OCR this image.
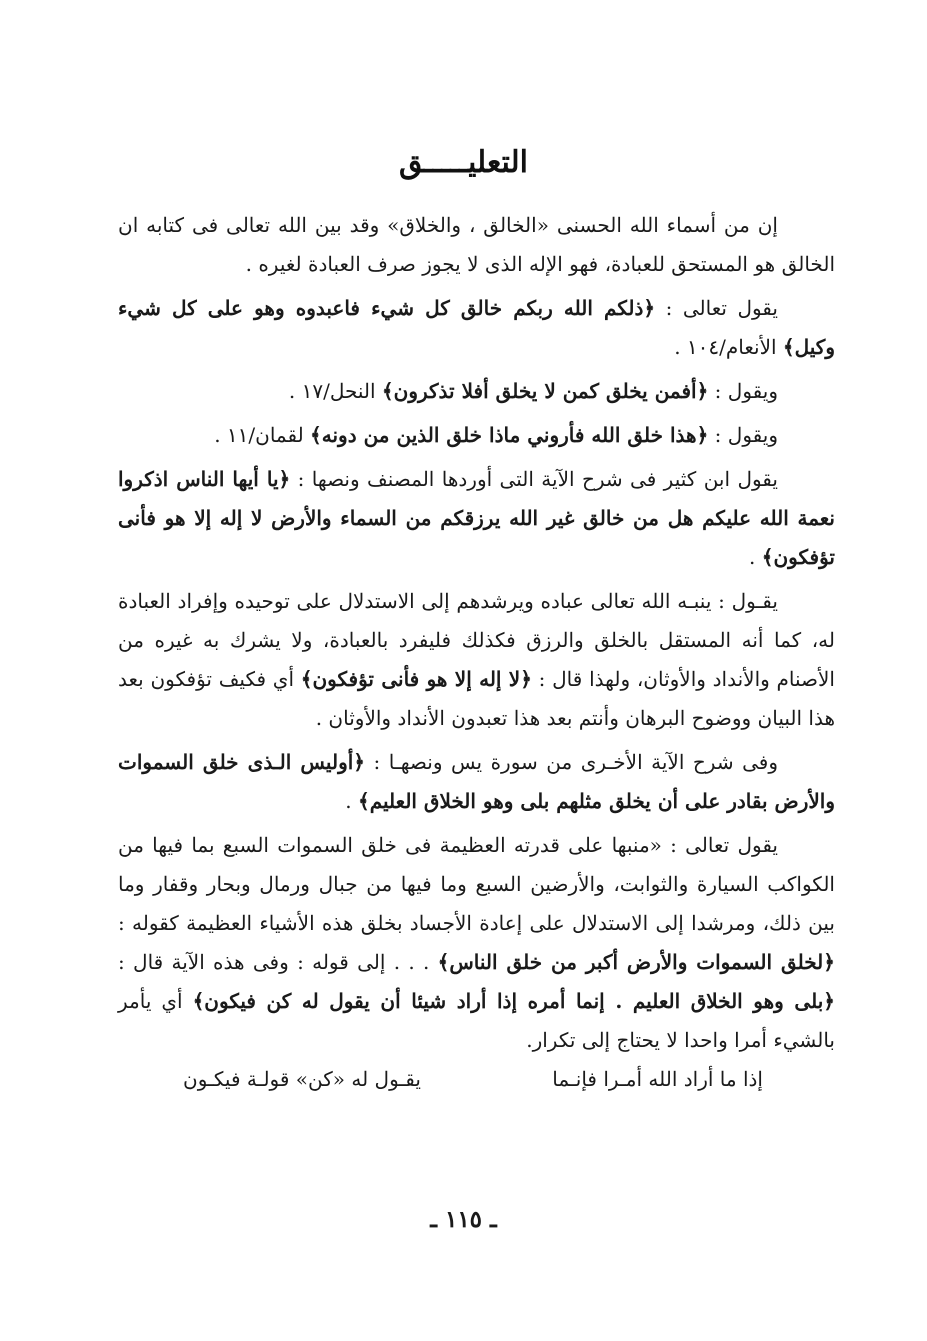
التعليـــــق

إن من أسماء الله الحسنى «الخالق ، والخلاق» وقد بين الله تعالى فى كتابه ان الخالق هو المستحق للعبادة، فهو الإله الذى لا يجوز صرف العبادة لغيره .

يقول تعالى : ﴿ذلكم الله ربكم خالق كل شيء فاعبدوه وهو على كل شيء وكيل﴾ الأنعام/١٠٤ .

ويقول : ﴿أفمن يخلق كمن لا يخلق أفلا تذكرون﴾ النحل/١٧ .

ويقول : ﴿هذا خلق الله فأروني ماذا خلق الذين من دونه﴾ لقمان/١١ .

يقول ابن كثير فى شرح الآية التى أوردها المصنف ونصها : ﴿يا أيها الناس اذكروا نعمة الله عليكم هل من خالق غير الله يرزقكم من السماء والأرض لا إله إلا هو فأنى تؤفكون﴾ .

يقـول : ينبـه الله تعالى عباده ويرشدهم إلى الاستدلال على توحيده وإفراد العبادة له، كما أنه المستقل بالخلق والرزق فكذلك فليفرد بالعبادة، ولا يشرك به غيره من الأصنام والأنداد والأوثان، ولهذا قال : ﴿لا إله إلا هو فأنى تؤفكون﴾ أي فكيف تؤفكون بعد هذا البيان ووضوح البرهان وأنتم بعد هذا تعبدون الأنداد والأوثان .

وفى شرح الآية الأخـرى من سورة يس ونصهـا : ﴿أوليس الـذى خلق السموات والأرض بقادر على أن يخلق مثلهم بلى وهو الخلاق العليم﴾ .

يقول تعالى : «منبها على قدرته العظيمة فى خلق السموات السبع بما فيها من الكواكب السيارة والثوابت، والأرضين السبع وما فيها من جبال ورمال وبحار وقفار وما بين ذلك، ومرشدا إلى الاستدلال على إعادة الأجساد بخلق هذه الأشياء العظيمة كقوله : ﴿لخلق السموات والأرض أكبر من خلق الناس﴾ . . . إلى قوله : وفى هذه الآية قال : ﴿بلى وهو الخلاق العليم . إنما أمره إذا أراد شيئا أن يقول له كن فيكون﴾ أي يأمر بالشيء أمرا واحدا لا يحتاج إلى تكرار.

إذا ما أراد الله أمـرا فإنـما
يقـول له «كن» قولـة فيكـون
ـ ١١٥ ـ
